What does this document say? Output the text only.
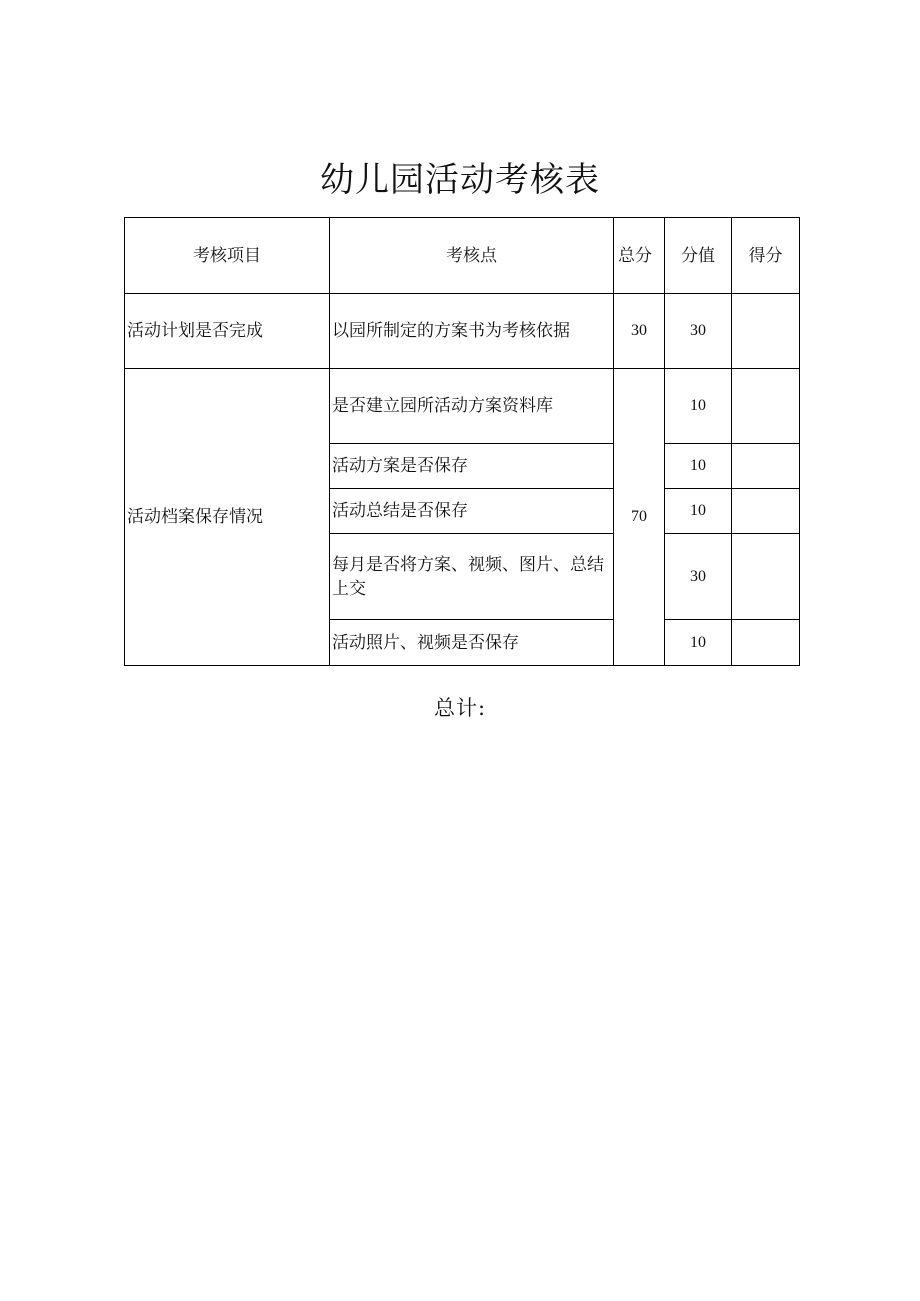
幼儿园活动考核表
考核项目	考核点	总分	分值	得分
活动计划是否完成	以园所制定的方案书为考核依据	30	30	
活动档案保存情况	是否建立园所活动方案资料库	70	10	
	活动方案是否保存		10	
	活动总结是否保存		10	
	每月是否将方案、视频、图片、总结上交		30	
	活动照片、视频是否保存		10	
总计:
